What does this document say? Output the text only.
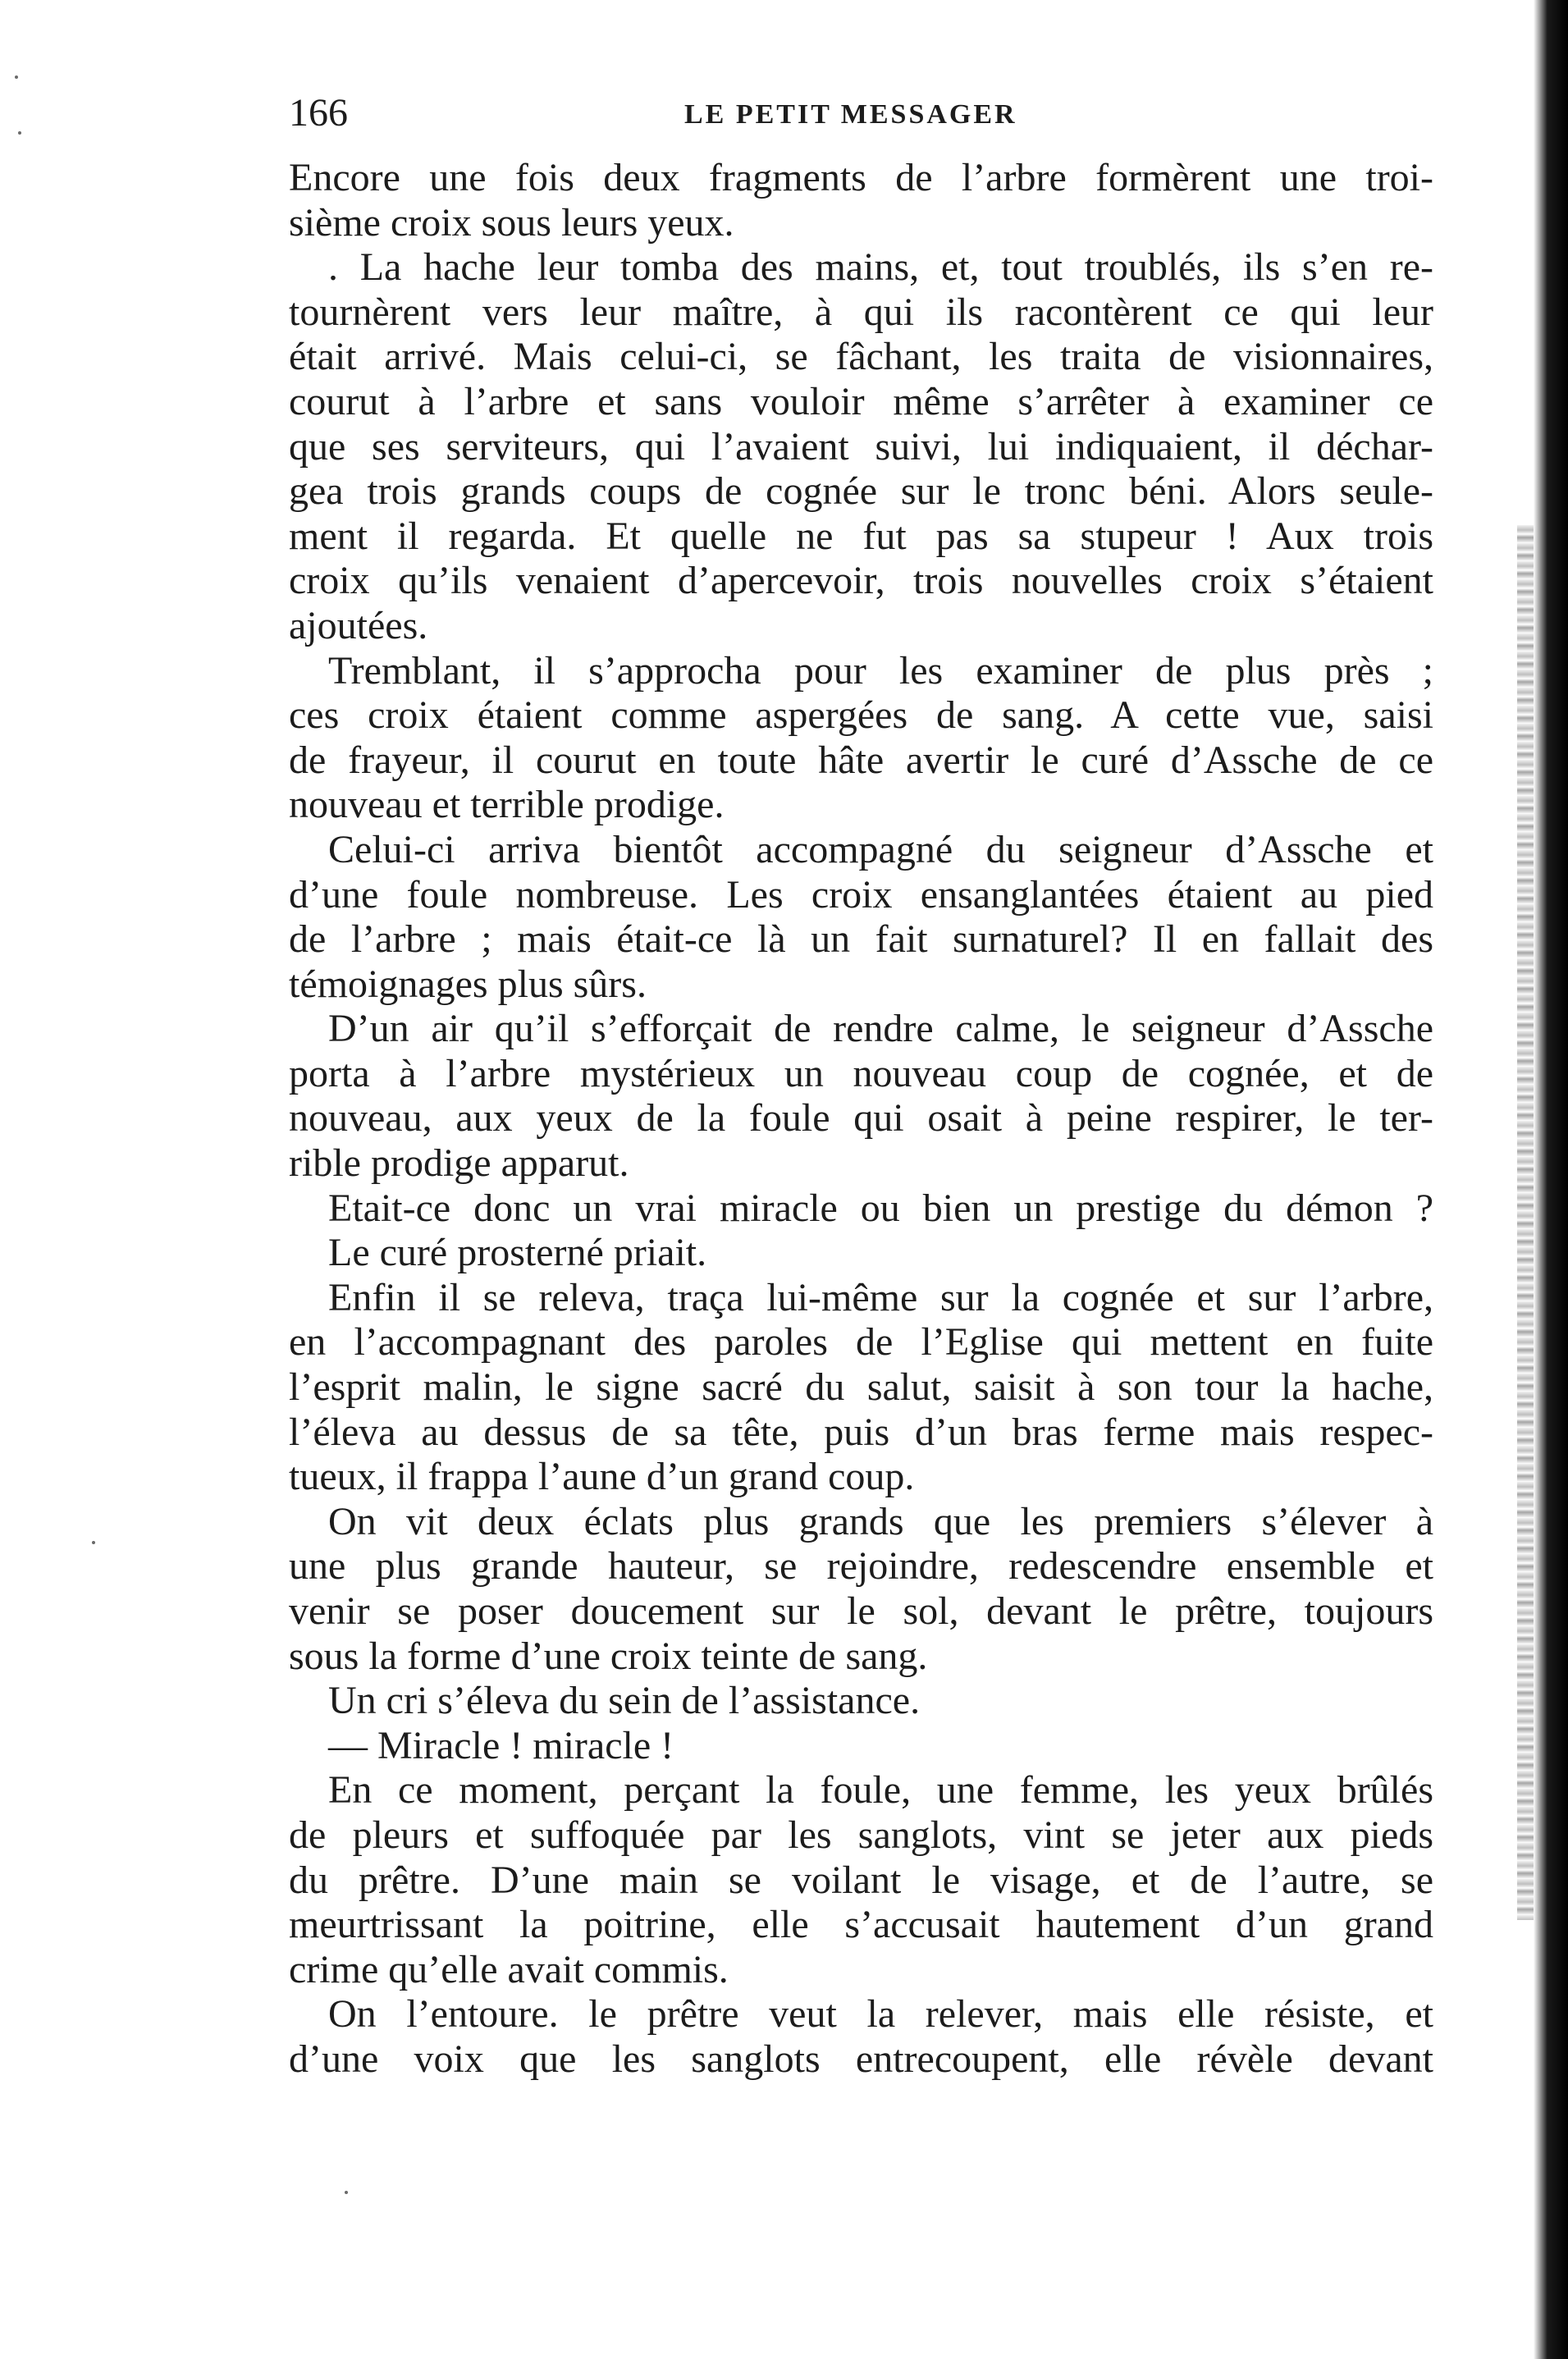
166	LE PETIT MESSAGER
Encore une fois deux fragments de l’arbre formèrent une troi-
sième croix sous leurs yeux.
. La hache leur tomba des mains, et, tout troublés, ils s’en re-
tournèrent vers leur maître, à qui ils racontèrent ce qui leur
était arrivé. Mais celui-ci, se fâchant, les traita de visionnaires,
courut à l’arbre et sans vouloir même s’arrêter à examiner ce
que ses serviteurs, qui l’avaient suivi, lui indiquaient, il déchar-
gea trois grands coups de cognée sur le tronc béni. Alors seule-
ment il regarda. Et quelle ne fut pas sa stupeur ! Aux trois
croix qu’ils venaient d’apercevoir, trois nouvelles croix s’étaient
ajoutées.
Tremblant, il s’approcha pour les examiner de plus près ;
ces croix étaient comme aspergées de sang. A cette vue, saisi
de frayeur, il courut en toute hâte avertir le curé d’Assche de ce
nouveau et terrible prodige.
Celui-ci arriva bientôt accompagné du seigneur d’Assche et
d’une foule nombreuse. Les croix ensanglantées étaient au pied
de l’arbre ; mais était-ce là un fait surnaturel? Il en fallait des
témoignages plus sûrs.
D’un air qu’il s’efforçait de rendre calme, le seigneur d’Assche
porta à l’arbre mystérieux un nouveau coup de cognée, et de
nouveau, aux yeux de la foule qui osait à peine respirer, le ter-
rible prodige apparut.
Etait-ce donc un vrai miracle ou bien un prestige du démon ?
Le curé prosterné priait.
Enfin il se releva, traça lui-même sur la cognée et sur l’arbre,
en l’accompagnant des paroles de l’Eglise qui mettent en fuite
l’esprit malin, le signe sacré du salut, saisit à son tour la hache,
l’éleva au dessus de sa tête, puis d’un bras ferme mais respec-
tueux, il frappa l’aune d’un grand coup.
On vit deux éclats plus grands que les premiers s’élever à
une plus grande hauteur, se rejoindre, redescendre ensemble et
venir se poser doucement sur le sol, devant le prêtre, toujours
sous la forme d’une croix teinte de sang.
Un cri s’éleva du sein de l’assistance.
— Miracle ! miracle !
En ce moment, perçant la foule, une femme, les yeux brûlés
de pleurs et suffoquée par les sanglots, vint se jeter aux pieds
du prêtre. D’une main se voilant le visage, et de l’autre, se
meurtrissant la poitrine, elle s’accusait hautement d’un grand
crime qu’elle avait commis.
On l’entoure. le prêtre veut la relever, mais elle résiste, et
d’une voix que les sanglots entrecoupent, elle révèle devant
